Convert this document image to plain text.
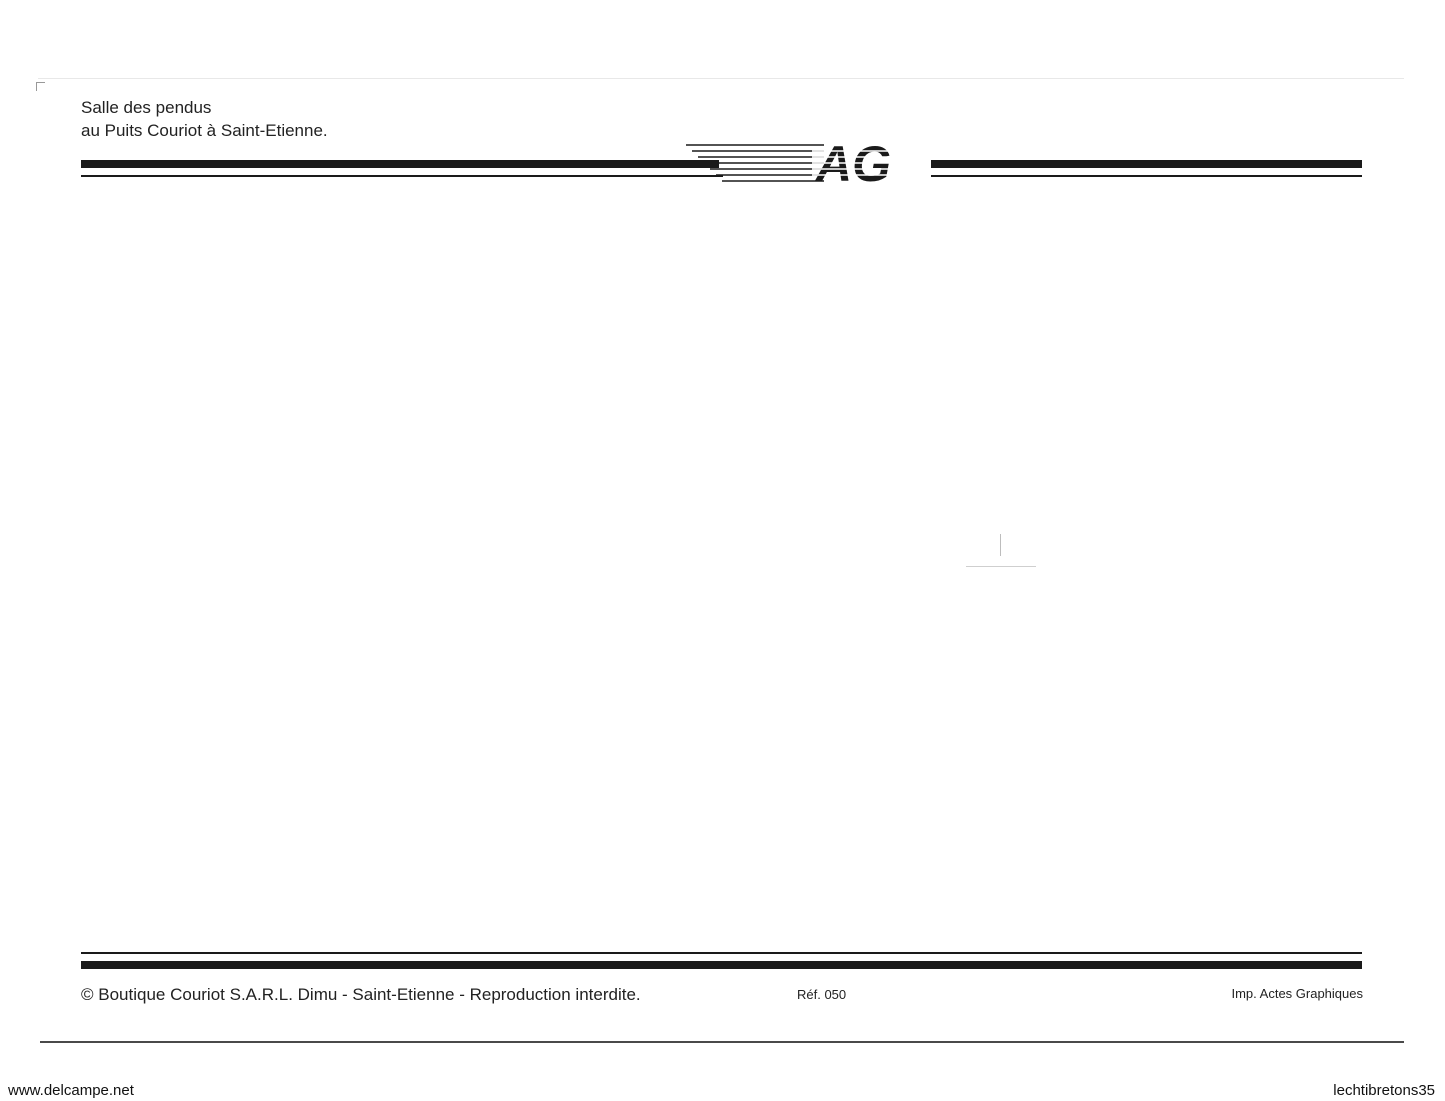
Salle des pendus
au Puits Couriot à Saint-Etienne.
AG
© Boutique Couriot S.A.R.L. Dimu - Saint-Etienne - Reproduction interdite.	Réf. 050	Imp. Actes Graphiques
www.delcampe.net	lechtibretons35
